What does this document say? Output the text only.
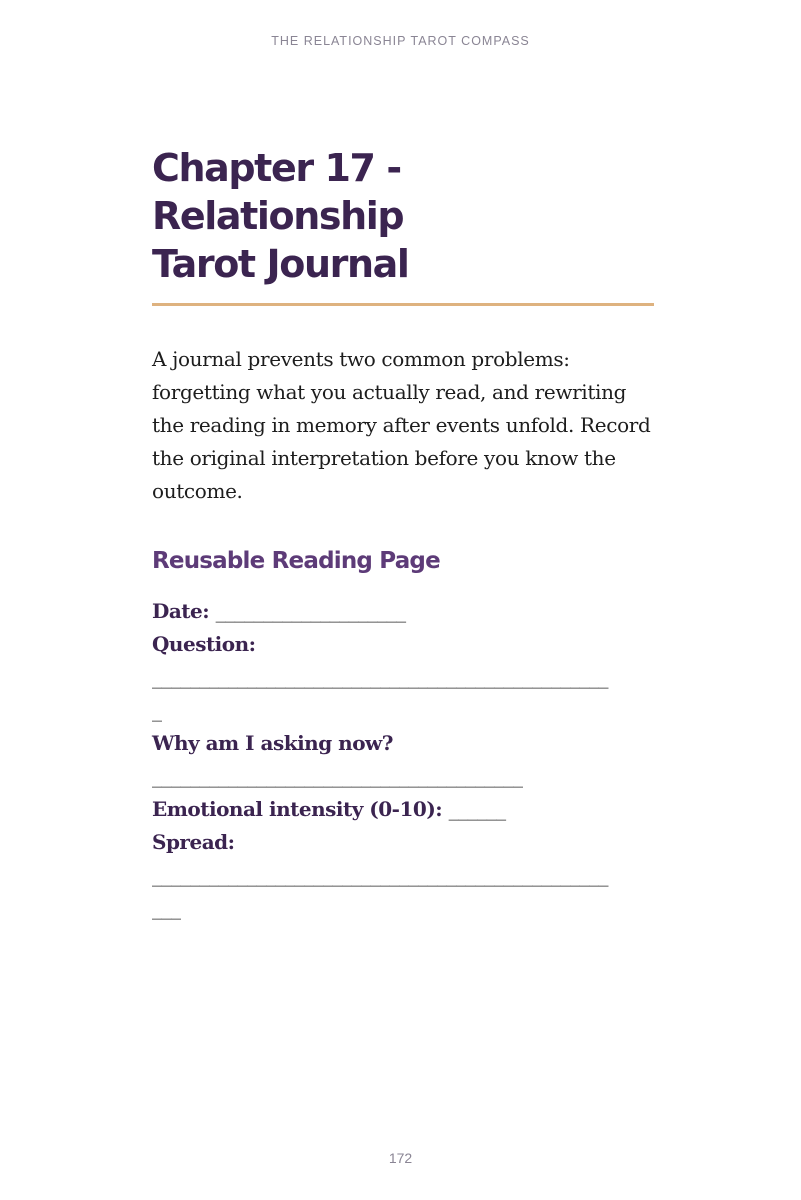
THE RELATIONSHIP TAROT COMPASS
Chapter 17 - Relationship
Tarot Journal

A journal prevents two common problems: forgetting what you actually read, and rewriting the reading in memory after events unfold. Record the original interpretation before you know the outcome.

Reusable Reading Page
Date: ____________________
Question:
________________________________________________
_
Why am I asking now?
_______________________________________
Emotional intensity (0-10): ______
Spread:
________________________________________________
___
172
